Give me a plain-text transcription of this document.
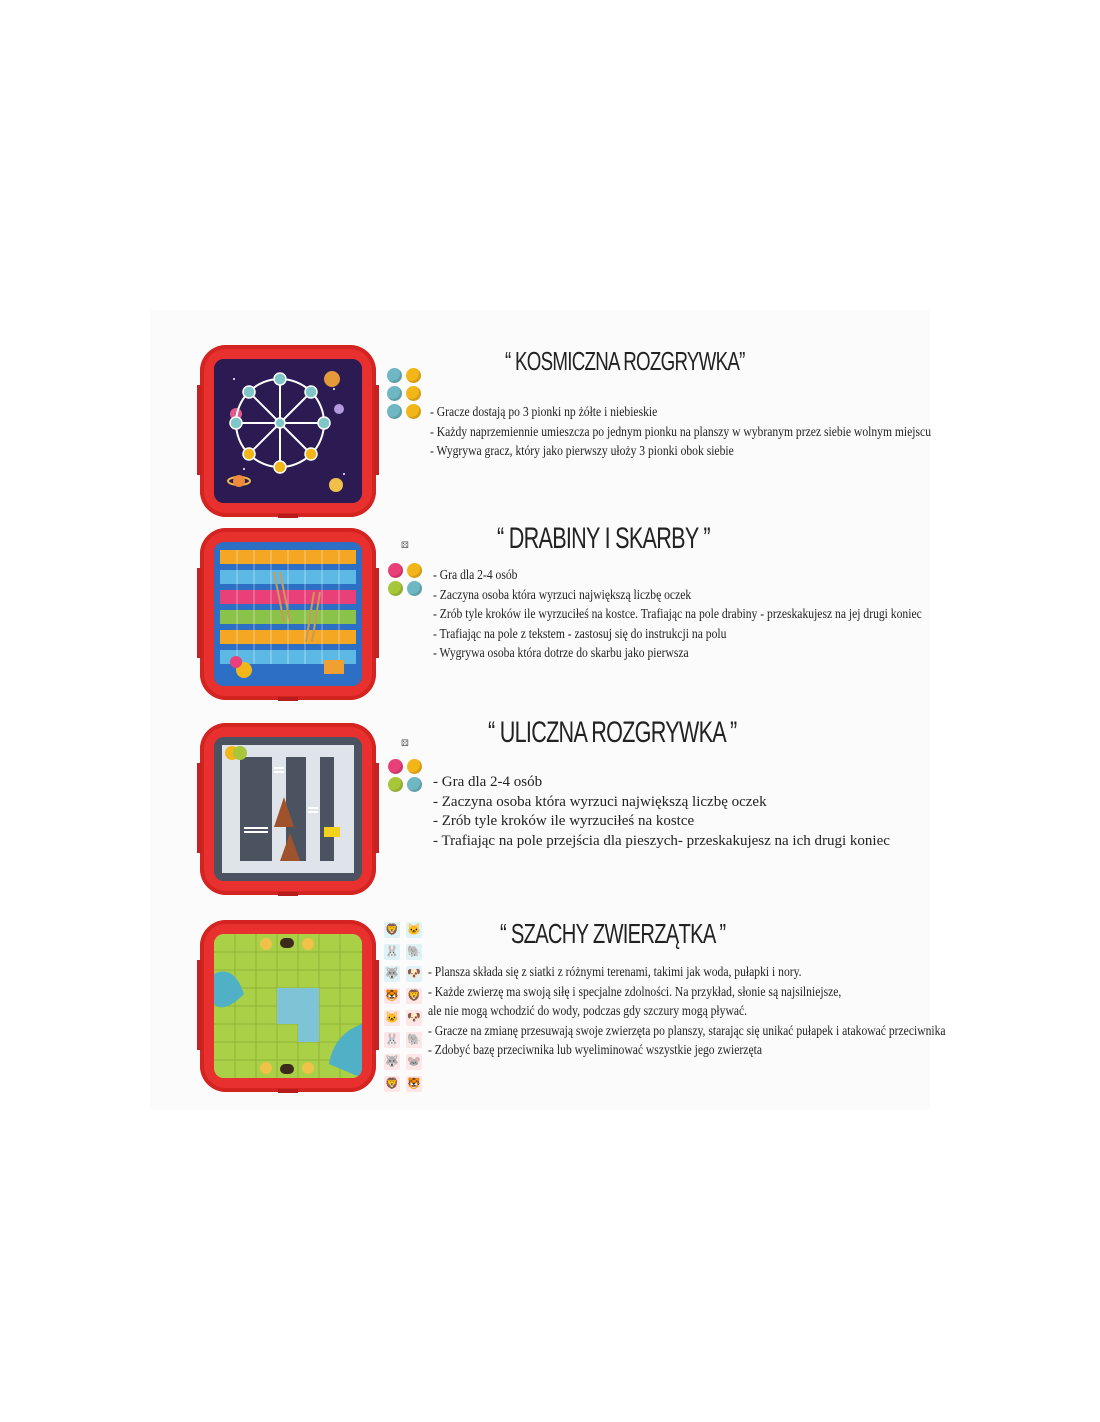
“ KOSMICZNA ROZGRYWKA”
- Gracze dostają po 3 pionki np żółte i niebieskie
- Każdy naprzemiennie umieszcza po jednym pionku na planszy w wybranym przez siebie wolnym miejscu
- Wygrywa gracz, który jako pierwszy ułoży 3 pionki obok siebie
⚄	“ DRABINY I SKARBY ”
- Gra dla 2-4 osób
- Zaczyna osoba która wyrzuci największą liczbę oczek
- Zrób tyle kroków ile wyrzuciłeś na kostce. Trafiając na pole drabiny - przeskakujesz na jej drugi koniec
- Trafiając na pole z tekstem - zastosuj się do instrukcji na polu
- Wygrywa osoba która dotrze do skarbu jako pierwsza
⚄	“ ULICZNA ROZGRYWKA ”
- Gra dla 2-4 osób
- Zaczyna osoba która wyrzuci największą liczbę oczek
- Zrób tyle kroków ile wyrzuciłeś na kostce
- Trafiając na pole przejścia dla pieszych- przeskakujesz na ich drugi koniec
🦁 🐱
🐰 🐘
🐺 🐶
🐯 🦁
🐱 🐶
🐰 🐘
🐺 🐭
🦁 🐯
“ SZACHY ZWIERZĄTKA ”
- Plansza składa się z siatki z różnymi terenami, takimi jak woda, pułapki i nory.
- Każde zwierzę ma swoją siłę i specjalne zdolności. Na przykład, słonie są najsilniejsze,
ale nie mogą wchodzić do wody, podczas gdy szczury mogą pływać.
- Gracze na zmianę przesuwają swoje zwierzęta po planszy, starając się unikać pułapek i atakować przeciwnika
- Zdobyć bazę przeciwnika lub wyeliminować wszystkie jego zwierzęta
